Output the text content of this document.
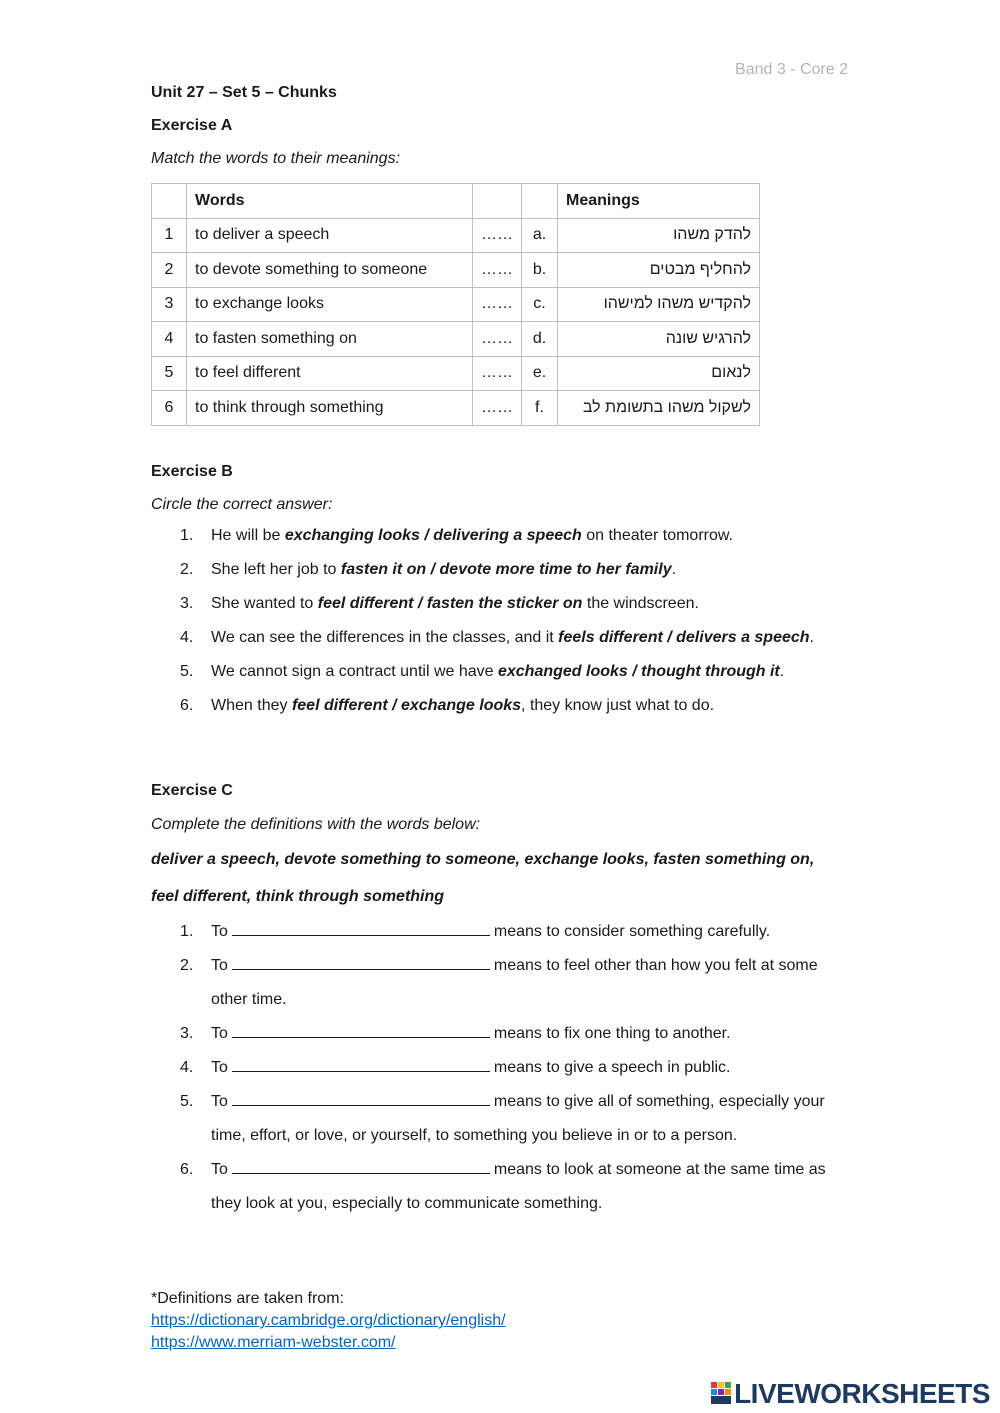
Band 3 - Core 2

Unit 27 – Set 5 – Chunks

Exercise A

Match the words to their meanings:

	Words			Meanings
1	to deliver a speech	……	a.	להדק משהו
2	to devote something to someone	……	b.	להחליף מבטים
3	to exchange looks	……	c.	להקדיש משהו למישהו
4	to fasten something on	……	d.	להרגיש שונה
5	to feel different	……	e.	לנאום
6	to think through something	……	f.	לשקול משהו בתשומת לב

Exercise B

Circle the correct answer:

1. He will be exchanging looks / delivering a speech on theater tomorrow.
2. She left her job to fasten it on / devote more time to her family.
3. She wanted to feel different / fasten the sticker on the windscreen.
4. We can see the differences in the classes, and it feels different / delivers a speech.
5. We cannot sign a contract until we have exchanged looks / thought through it.
6. When they feel different / exchange looks, they know just what to do.

Exercise C

Complete the definitions with the words below:

deliver a speech, devote something to someone, exchange looks, fasten something on,

feel different, think through something

1. To	means to consider something carefully.
2. To	means to feel other than how you felt at some
other time.
3. To	means to fix one thing to another.
4. To	means to give a speech in public.
5. To	means to give all of something, especially your
time, effort, or love, or yourself, to something you believe in or to a person.
6. To	means to look at someone at the same time as
they look at you, especially to communicate something.
*Definitions are taken from:
https://dictionary.cambridge.org/dictionary/english/
https://www.merriam-webster.com/
LIVEWORKSHEETS
